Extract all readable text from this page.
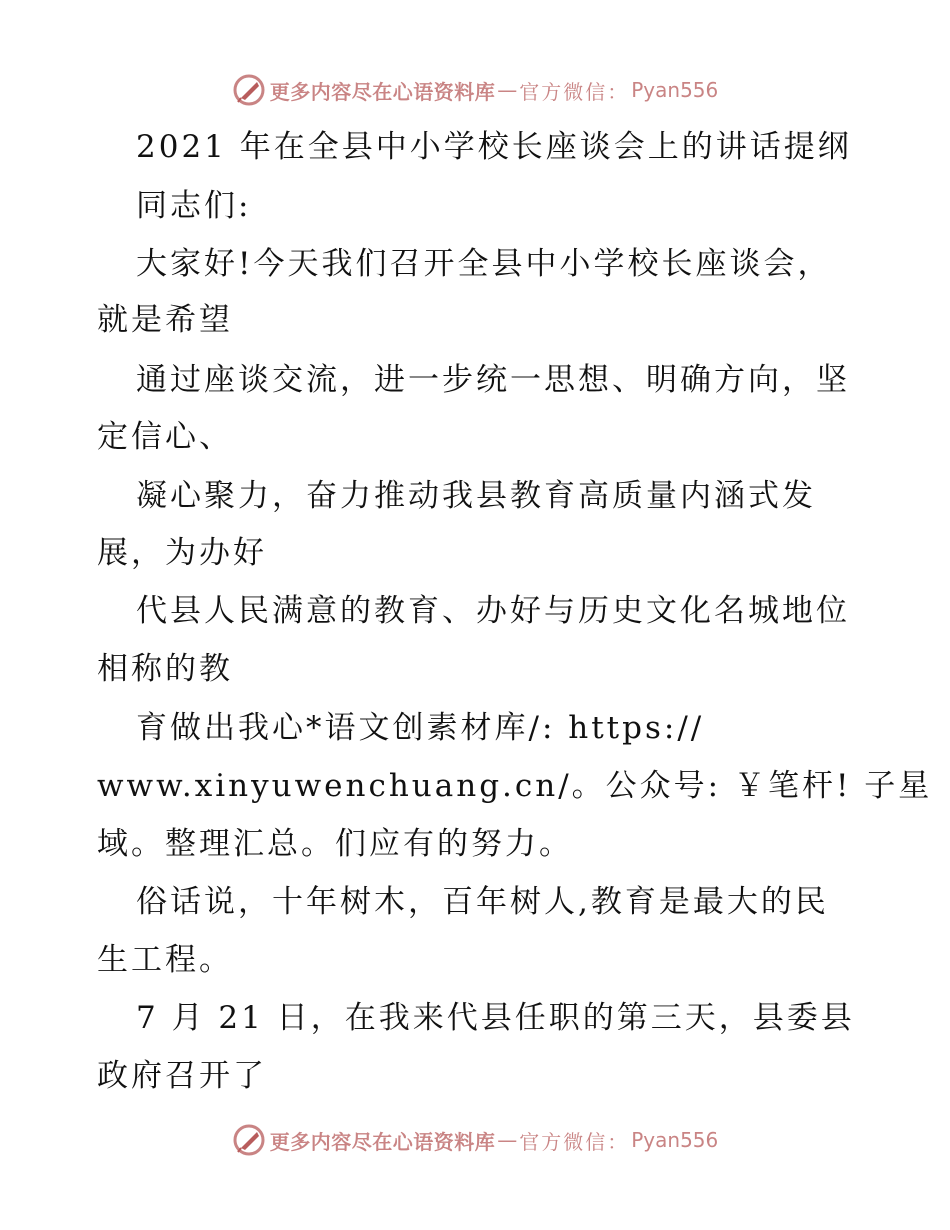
更多内容尽在心语资料库 — 官方微信： Pyan556
2021 年在全县中小学校长座谈会上的讲话提纲
同志们:
大家好!今天我们召开全县中小学校长座谈会，
就是希望
通过座谈交流，进一步统一思想、明确方向，坚
定信心、
凝心聚力，奋力推动我县教育高质量内涵式发
展，为办好
代县人民满意的教育、办好与历史文化名城地位
相称的教
育做出我心*语文创素材库/: https://
www.xinyuwenchuang.cn/。公众号: ￥笔杆! 子星
域。整理汇总。们应有的努力。
俗话说，十年树木，百年树人,教育是最大的民
生工程。
7 月 21 日，在我来代县任职的第三天，县委县
政府召开了
更多内容尽在心语资料库 — 官方微信： Pyan556
